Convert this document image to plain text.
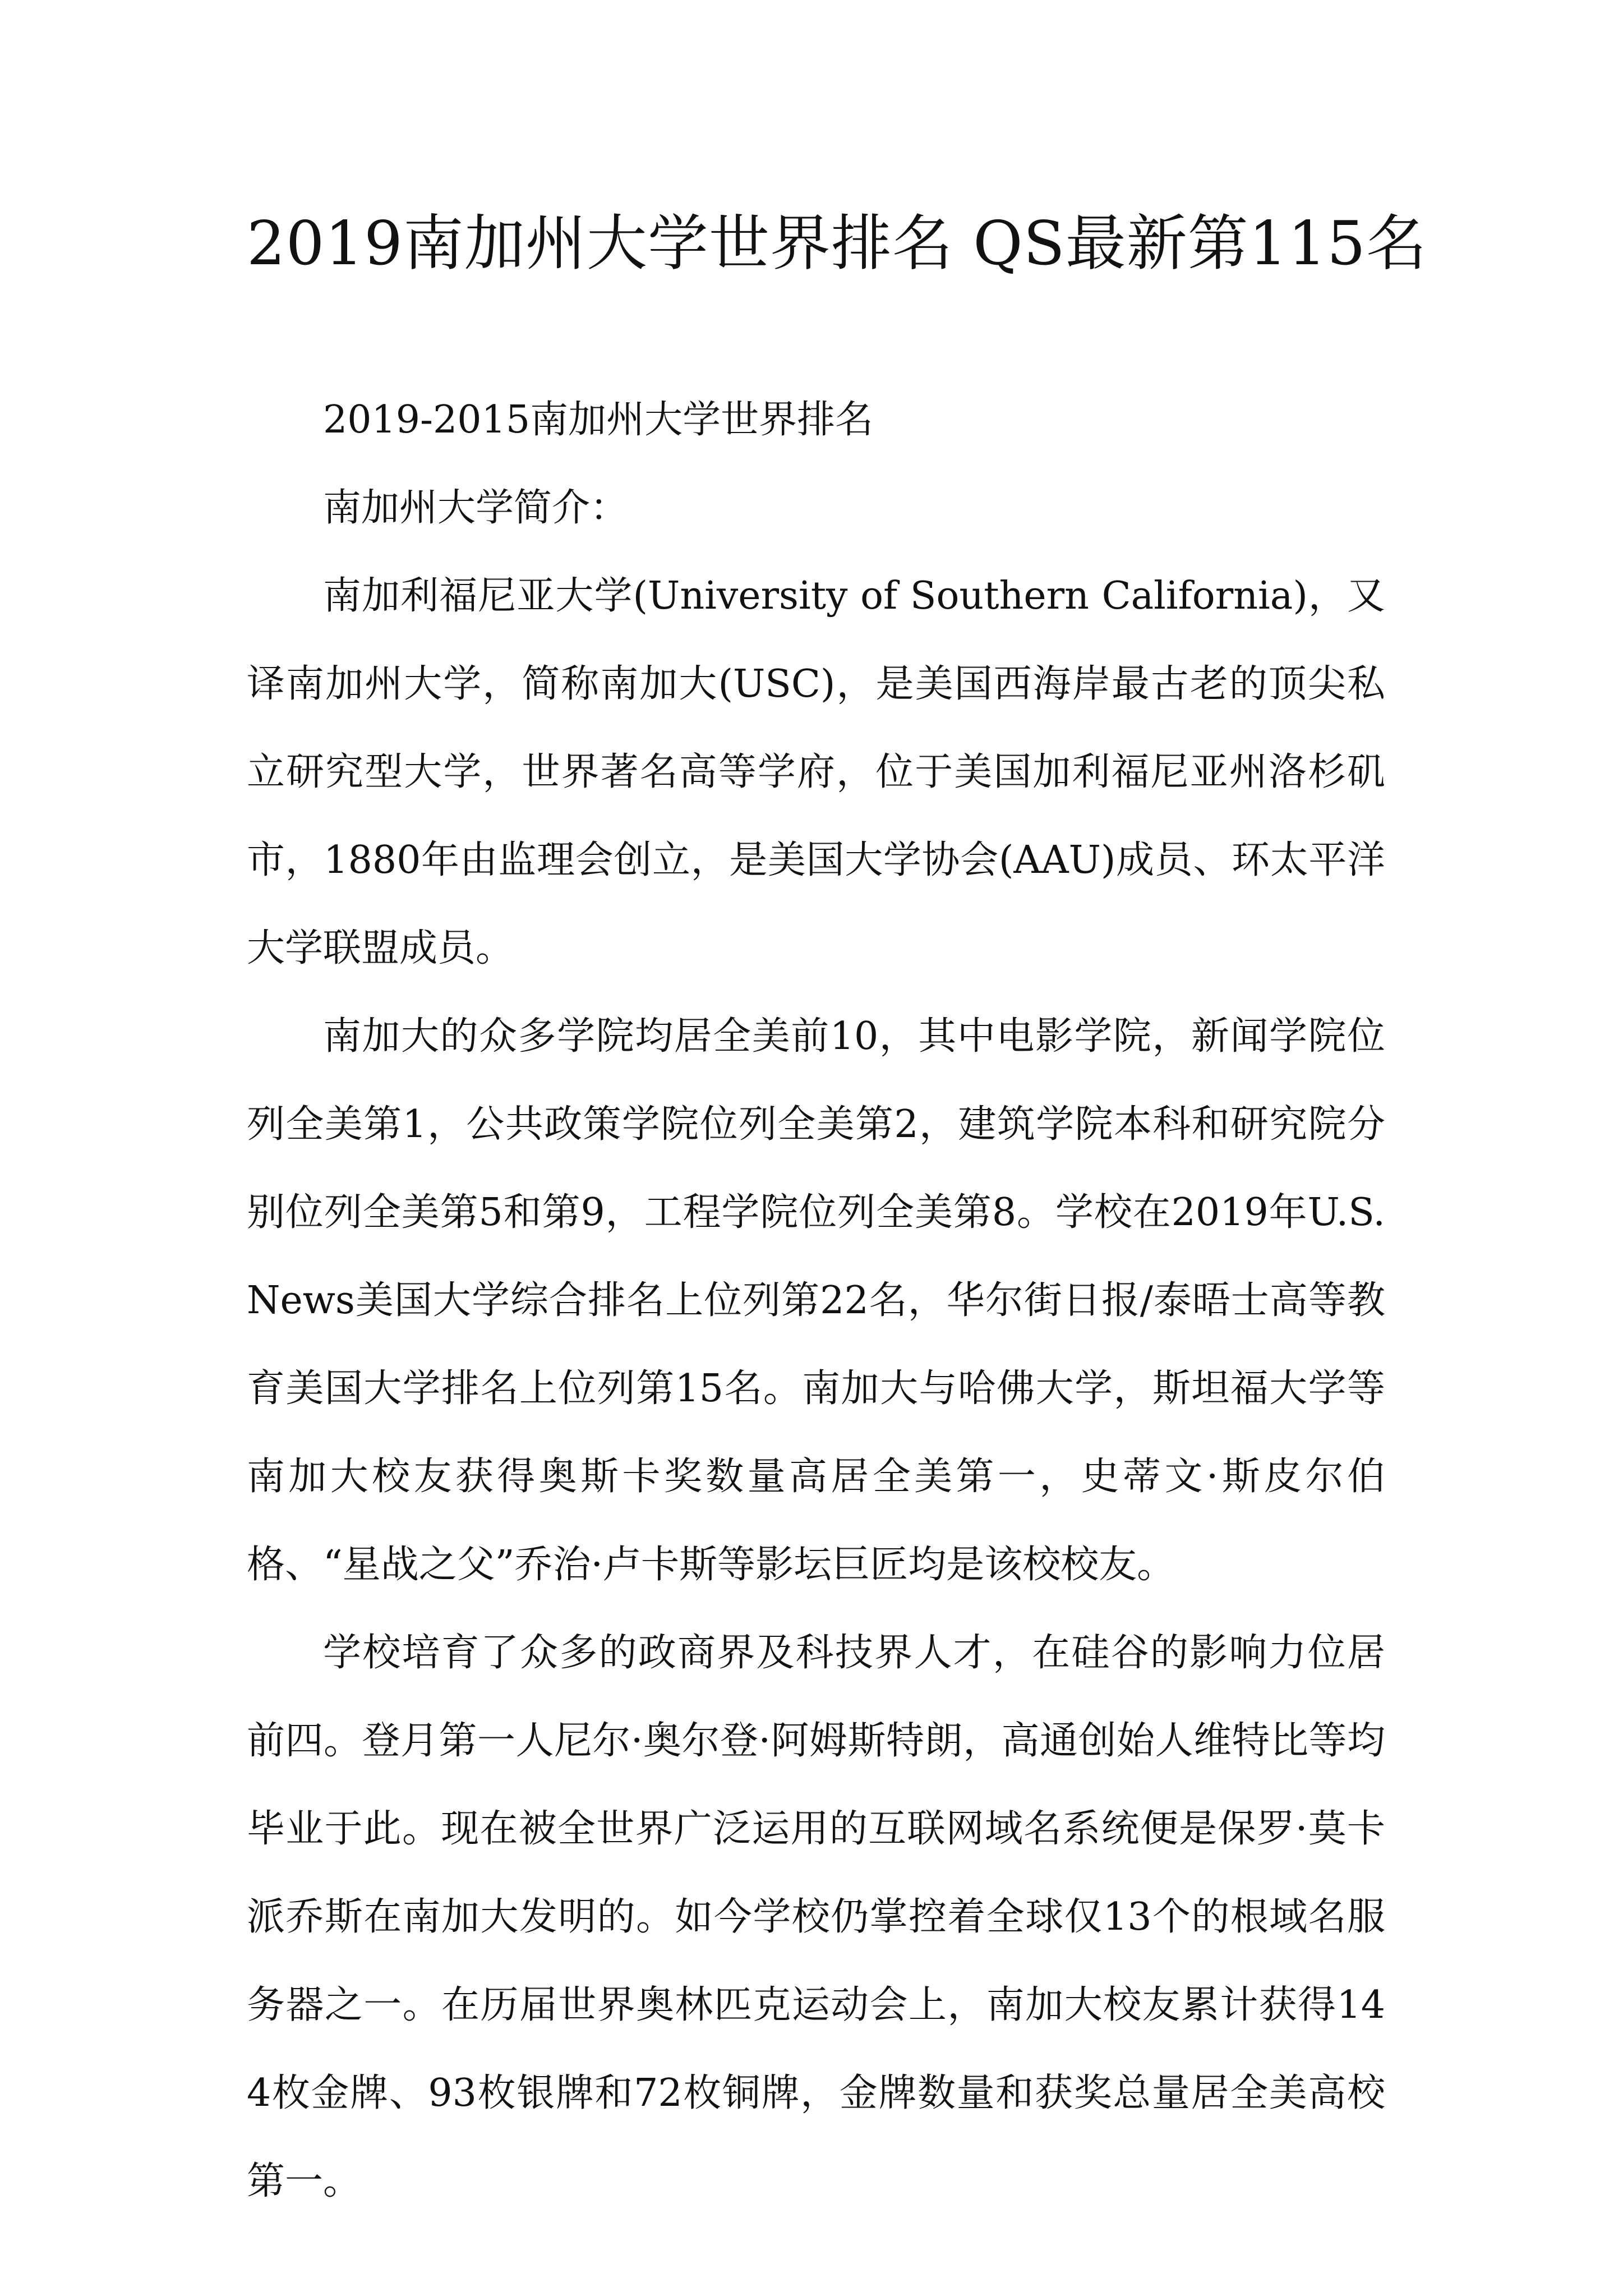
2019南加州大学世界排名 QS最新第115名

2019-2015南加州大学世界排名

南加州大学简介：

南加利福尼亚大学(University of Southern California)，又译南加州大学，简称南加大(USC)，是美国西海岸最古老的顶尖私立研究型大学，世界著名高等学府，位于美国加利福尼亚州洛杉矶市，1880年由监理会创立，是美国大学协会(AAU)成员、环太平洋大学联盟成员。

南加大的众多学院均居全美前10，其中电影学院，新闻学院位列全美第1，公共政策学院位列全美第2，建筑学院本科和研究院分别位列全美第5和第9，工程学院位列全美第8。学校在2019年U.S.News美国大学综合排名上位列第22名，华尔街日报/泰晤士高等教育美国大学排名上位列第15名。南加大与哈佛大学，斯坦福大学等南加大校友获得奥斯卡奖数量高居全美第一，史蒂文·斯皮尔伯格、“星战之父”乔治·卢卡斯等影坛巨匠均是该校校友。

学校培育了众多的政商界及科技界人才，在硅谷的影响力位居前四。登月第一人尼尔·奥尔登·阿姆斯特朗，高通创始人维特比等均毕业于此。现在被全世界广泛运用的互联网域名系统便是保罗·莫卡派乔斯在南加大发明的。如今学校仍掌控着全球仅13个的根域名服务器之一。在历届世界奥林匹克运动会上，南加大校友累计获得144枚金牌、93枚银牌和72枚铜牌，金牌数量和获奖总量居全美高校第一。
